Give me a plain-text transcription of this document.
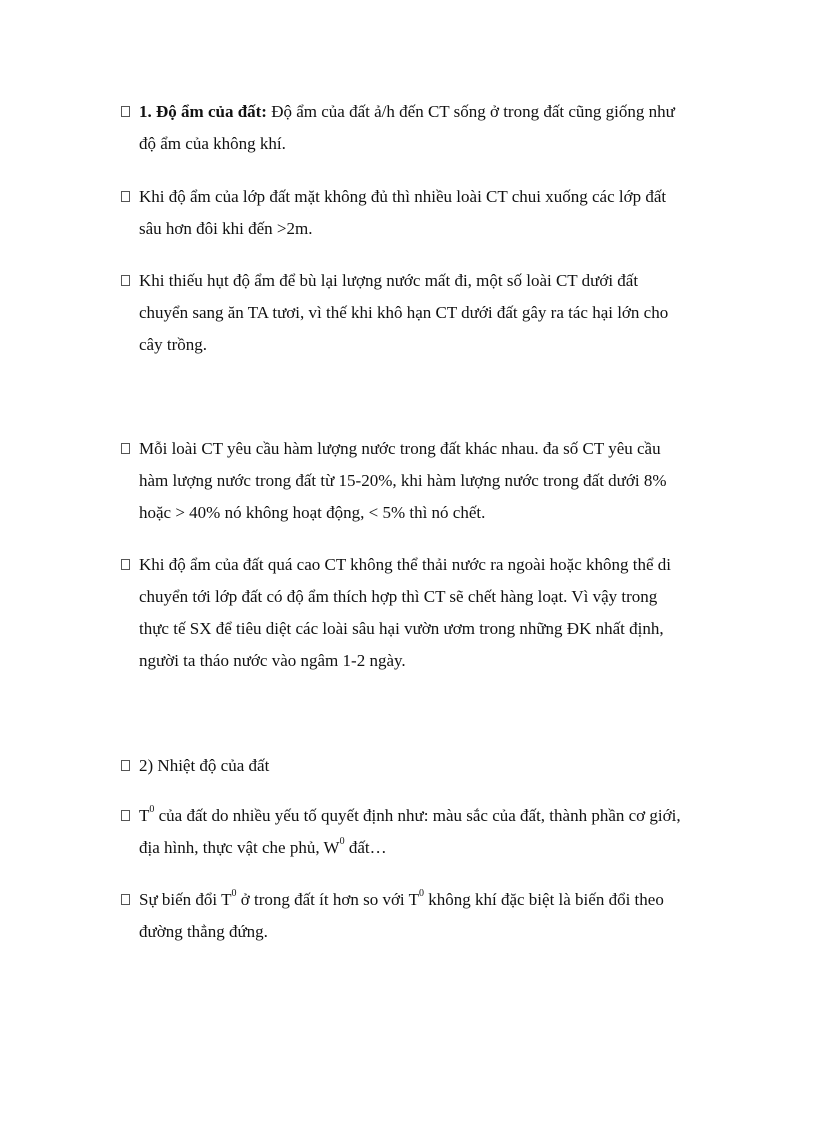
1. Độ ẩm của đất: Độ ẩm của đất ả/h đến CT sống ở trong đất cũng giống như
độ ẩm của không khí.
Khi độ ẩm của lớp đất mặt không đủ thì nhiều loài CT chui xuống các lớp đất
sâu hơn đôi khi đến >2m.
Khi thiếu hụt độ ẩm để bù lại lượng nước mất đi, một số loài CT dưới đất
chuyển sang ăn TA tươi, vì thế khi khô hạn CT dưới đất gây ra tác hại lớn cho
cây trồng.
Mỗi loài CT yêu cầu hàm lượng nước trong đất khác nhau. đa số CT yêu cầu
hàm lượng nước trong đất từ 15-20%, khi hàm lượng nước trong đất dưới 8%
hoặc > 40% nó không hoạt động, < 5% thì nó chết.
Khi độ ẩm của đất quá cao CT không thể thải nước ra ngoài hoặc không thể di
chuyển tới lớp đất có độ ẩm thích hợp thì CT sẽ chết hàng loạt. Vì vậy trong
thực tế SX để tiêu diệt các loài sâu hại vườn ươm trong những ĐK nhất định,
người ta tháo nước vào ngâm 1-2 ngày.
2) Nhiệt độ của đất
$T^0$ của đất do nhiều yếu tố quyết định như: màu sắc của đất, thành phần cơ giới,
địa hình, thực vật che phủ, $W^0$ đất…
Sự biến đổi $T^0$ ở trong đất ít hơn so với $T^0$ không khí đặc biệt là biến đổi theo
đường thẳng đứng.
